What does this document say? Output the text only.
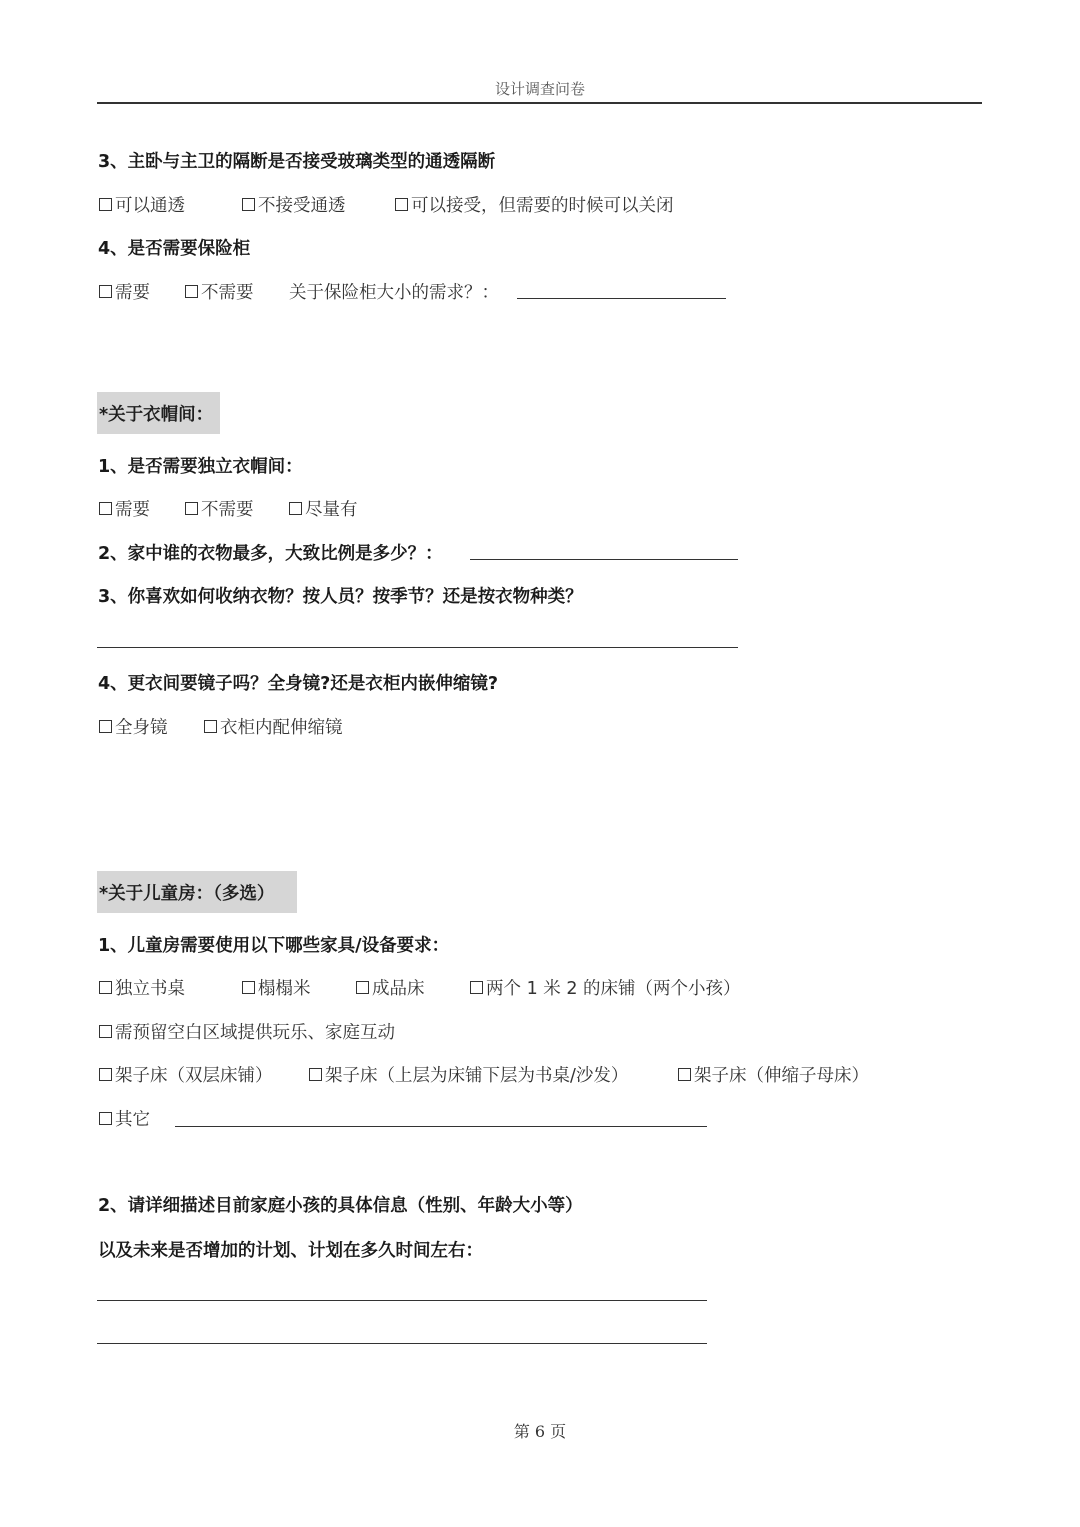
设计调查问卷
3、主卧与主卫的隔断是否接受玻璃类型的通透隔断
可以通透	不接受通透	可以接受，但需要的时候可以关闭
4、是否需要保险柜
需要	不需要 关于保险柜大小的需求？：
*关于衣帽间：
1、是否需要独立衣帽间：
需要	不需要	尽量有
2、家中谁的衣物最多，大致比例是多少？：
3、你喜欢如何收纳衣物？按人员？按季节？还是按衣物种类？
4、更衣间要镜子吗？全身镜?还是衣柜内嵌伸缩镜?
全身镜	衣柜内配伸缩镜
*关于儿童房：（多选）
1、儿童房需要使用以下哪些家具/设备要求：
独立书桌	榻榻米	成品床	两个 1 米 2 的床铺（两个小孩）
需预留空白区域提供玩乐、家庭互动
架子床（双层床铺）	架子床（上层为床铺下层为书桌/沙发）	架子床（伸缩子母床）
其它
2、请详细描述目前家庭小孩的具体信息（性别、年龄大小等）
以及未来是否增加的计划、计划在多久时间左右：
第 6 页
